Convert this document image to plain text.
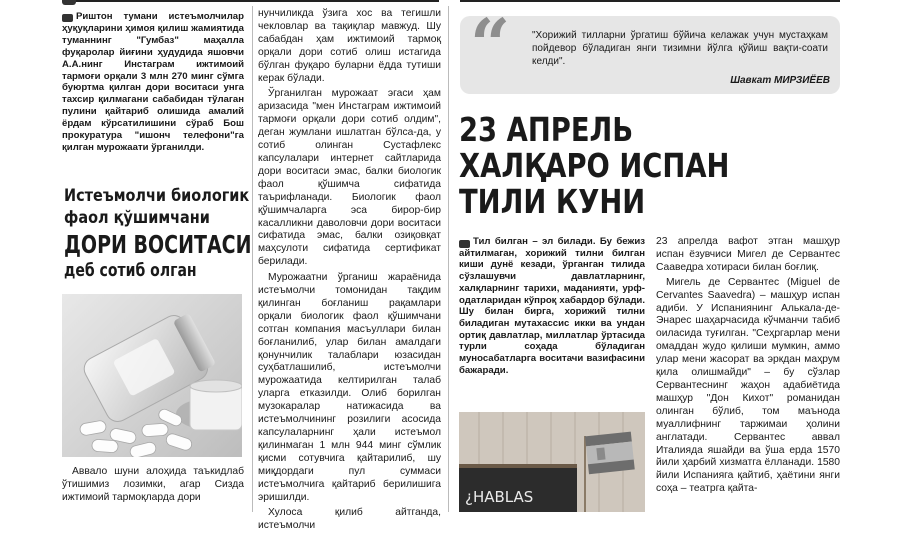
Риштон тумани истеъмолчилар ҳуқуқларини ҳимоя қилиш жамиятида туманнинг "Гумбаз" маҳалла фуқаролар йиғини ҳудудида яшовчи А.А.нинг Инстаграм ижтимоий тармоғи орқали 3 млн 270 минг сўмга буюртма қилган дори воситаси унга тахсир қилмагани сабабидан тўлаган пулини қайтариб олишида амалий ёрдам кўрсатилишини сўраб Бош прокуратура "ишонч телефони"га қилган мурожаати ўрганилди.

Истеъмолчи биологик
фаол қўшимчани
ДОРИ ВОСИТАСИ
деб сотиб олган

Аввало шуни алоҳида таъкидлаб ўтишимиз лозимки, агар Сизда ижтимоий тармоқларда дори

нунчиликда ўзига хос ва тегишли чекловлар ва тақиқлар мавжуд. Шу сабабдан ҳам ижтимоий тармоқ орқали дори сотиб олиш истагида бўлган фуқаро буларни ёдда тутиши керак бўлади.

Ўрганилган мурожаат эгаси ҳам аризасида "мен Инстаграм ижтимоий тармоғи орқали дори сотиб олдим", деган жумлани ишлатган бўлса-да, у сотиб олинган Суcтафлекс капсулалари интернет сайтларида дори воситаси эмас, балки биологик фаол қўшимча сифатида таърифланади. Биологик фаол қўшимчаларга эса бирор-бир касалликни даволовчи дори воситаси сифатида эмас, балки озиқовқат маҳсулоти сифатида сертификат берилади.

Мурожаатни ўрганиш жараёнида истеъмолчи томонидан тақдим қилинган боғланиш рақамлари орқали биологик фаол қўшимчани сотган компания масъуллари билан боғланилиб, улар билан амалдаги қонунчилик талаблари юзасидан суҳбатлашилиб, истеъмолчи мурожаатида келтирилган талаб уларга етказилди. Олиб борилган музокаралар натижасида ва истеъмолчининг розилиги асосида капсулаларнинг ҳали истеъмол қилинмаган 1 млн 944 минг сўмлик қисми сотувчига қайтарилиб, шу миқдордаги пул суммаси истеъмолчига қайтариб берилишига эришилди.

Хулоса қилиб айтганда, истеъмолчи

“ "Хорижий тилларни ўргатиш бўйича келажак учун мустаҳкам пойдевор бўладиган янги тизимни йўлга қўйиш вақти-соати келди".

Шавкат МИРЗИЁЕВ

23 АПРЕЛЬ
ХАЛҚАРО ИСПАН
ТИЛИ КУНИ

Тил билган – эл билади. Бу бежиз айтилмаган, хорижий тилни билган киши дунё кезади, ўрганган тилида сўзлашувчи давлатларнинг, халқларнинг тарихи, маданияти, урф-одатларидан кўпроқ хабардор бўлади. Шу билан бирга, хорижий тилни биладиган мутахассис икки ва ундан ортиқ давлатлар, миллатлар ўртасида турли соҳада бўладиган муносабатларга воситачи вазифасини бажаради.

¿HABLAS

23 апрелда вафот этган машҳур испан ёзувчиси Мигел де Сервантес Сааведра хотираси билан боғлиқ.

Мигель де Сервантес (Miguel de Cervantes Saavedra) – машҳур испан адиби. У Испаниянинг Алькала-де-Энарес шаҳарчасида кўчманчи табиб оиласида туғилган. "Сеҳргарлар мени омаддан жудо қилиши мумкин, аммо улар мени жасорат ва эркдан маҳрум қила олишмайди" – бу сўзлар Сервантеснинг жаҳон адабиётида машҳур "Дон Кихот" романидан олинган бўлиб, том маънода муаллифнинг таржимаи ҳолини англатади. Сервантес аввал Италияда яшайди ва ўша ерда 1570 йили ҳарбий хизматга ёлланади. 1580 йили Испанияга қайтиб, ҳаётини янги соҳа – театрга қайта-
